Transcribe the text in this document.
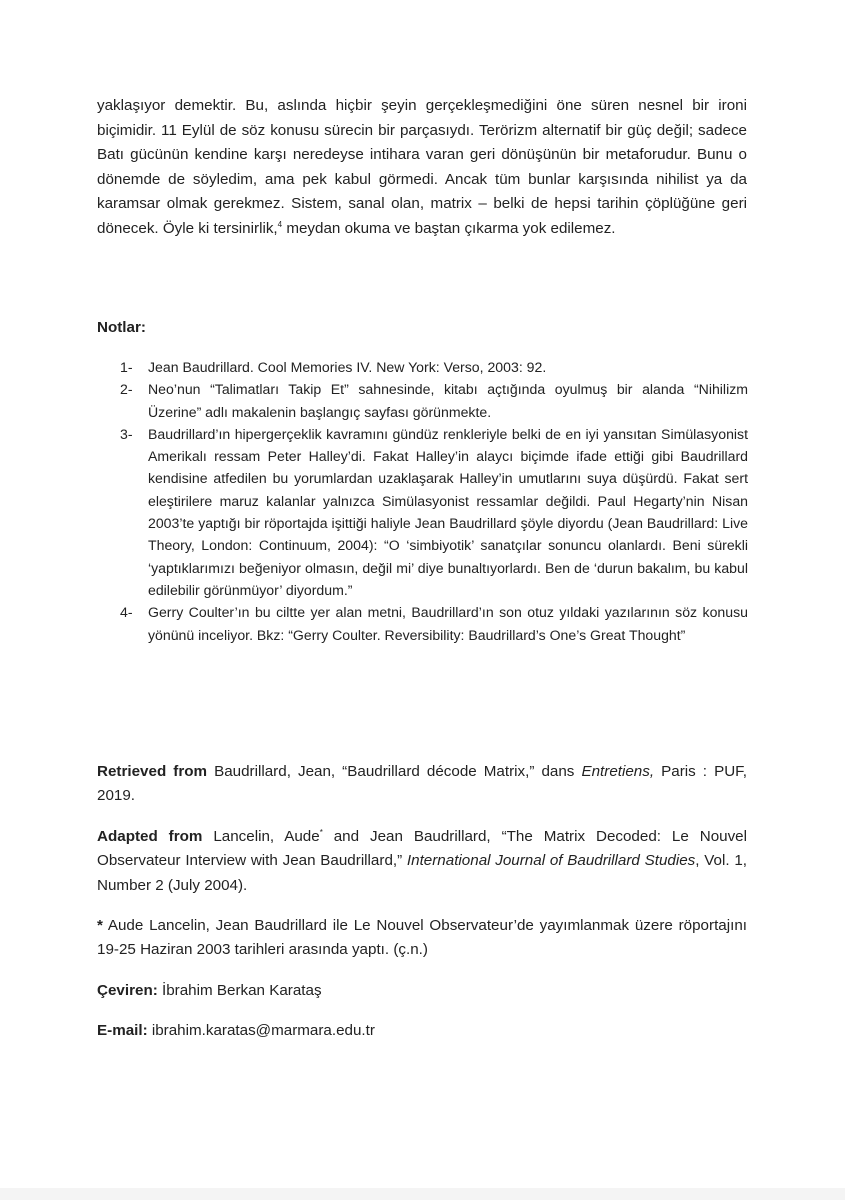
yaklaşıyor demektir. Bu, aslında hiçbir şeyin gerçekleşmediğini öne süren nesnel bir ironi biçimidir. 11 Eylül de söz konusu sürecin bir parçasıydı. Terörizm alternatif bir güç değil; sadece Batı gücünün kendine karşı neredeyse intihara varan geri dönüşünün bir metaforudur. Bunu o dönemde de söyledim, ama pek kabul görmedi. Ancak tüm bunlar karşısında nihilist ya da karamsar olmak gerekmez. Sistem, sanal olan, matrix – belki de hepsi tarihin çöplüğüne geri dönecek. Öyle ki tersinirlik,$^4$ meydan okuma ve baştan çıkarma yok edilemez.

Notlar:
1- Jean Baudrillard. Cool Memories IV. New York: Verso, 2003: 92.
2- Neo’nun “Talimatları Takip Et” sahnesinde, kitabı açtığında oyulmuş bir alanda “Nihilizm Üzerine” adlı makalenin başlangıç sayfası görünmekte.
3- Baudrillard’ın hipergerçeklik kavramını gündüz renkleriyle belki de en iyi yansıtan Simülasyonist Amerikalı ressam Peter Halley’di. Fakat Halley’in alaycı biçimde ifade ettiği gibi Baudrillard kendisine atfedilen bu yorumlardan uzaklaşarak Halley’in umutlarını suya düşürdü. Fakat sert eleştirilere maruz kalanlar yalnızca Simülasyonist ressamlar değildi. Paul Hegarty’nin Nisan 2003’te yaptığı bir röportajda işittiği haliyle Jean Baudrillard şöyle diyordu (Jean Baudrillard: Live Theory, London: Continuum, 2004): “O ‘simbiyotik’ sanatçılar sonuncu olanlardı. Beni sürekli ‘yaptıklarımızı beğeniyor olmasın, değil mi’ diye bunaltıyorlardı. Ben de ‘durun bakalım, bu kabul edilebilir görünmüyor’ diyordum.”
4- Gerry Coulter’ın bu ciltte yer alan metni, Baudrillard’ın son otuz yıldaki yazılarının söz konusu yönünü inceliyor. Bkz: “Gerry Coulter. Reversibility: Baudrillard’s One’s Great Thought”

Retrieved from Baudrillard, Jean, “Baudrillard décode Matrix,” dans Entretiens, Paris : PUF, 2019.

Adapted from Lancelin, Aude* and Jean Baudrillard, “The Matrix Decoded: Le Nouvel Observateur Interview with Jean Baudrillard,” International Journal of Baudrillard Studies, Vol. 1, Number 2 (July 2004).

* Aude Lancelin, Jean Baudrillard ile Le Nouvel Observateur’de yayımlanmak üzere röportajını 19-25 Haziran 2003 tarihleri arasında yaptı. (ç.n.)

Çeviren: İbrahim Berkan Karataş

E-mail: ibrahim.karatas@marmara.edu.tr
